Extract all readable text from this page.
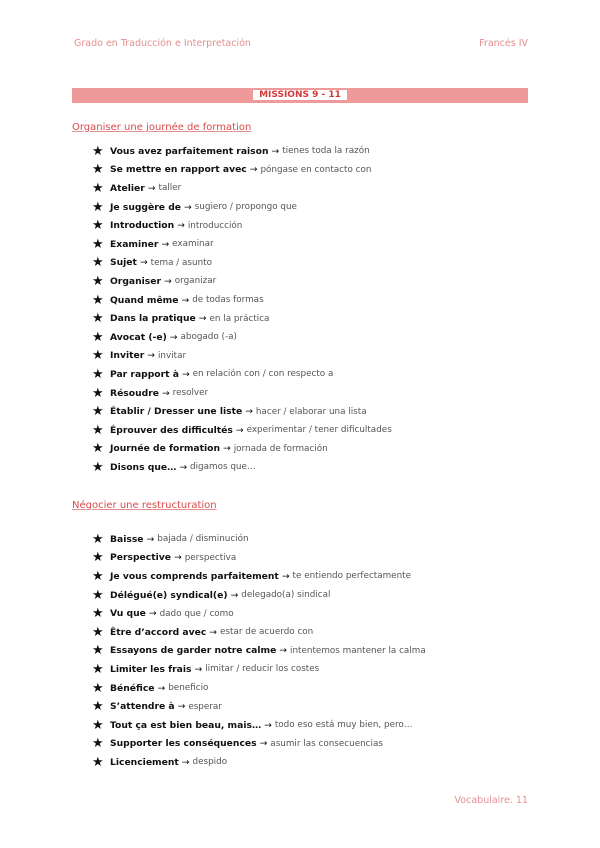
Grado en Traducción e Interpretación	Francés IV
MISSIONS 9 - 11
Organiser une journée de formation
★ Vous avez parfaitement raison → tienes toda la razón
★ Se mettre en rapport avec → póngase en contacto con
★ Atelier → taller
★ Je suggère de → sugiero / propongo que
★ Introduction → introducción
★ Examiner → examinar
★ Sujet → tema / asunto
★ Organiser → organizar
★ Quand même → de todas formas
★ Dans la pratique → en la práctica
★ Avocat (-e) → abogado (-a)
★ Inviter → invitar
★ Par rapport à → en relación con / con respecto a
★ Résoudre → resolver
★ Établir / Dresser une liste → hacer / elaborar una lista
★ Éprouver des difficultés → experimentar / tener dificultades
★ Journée de formation → jornada de formación
★ Disons que… → digamos que…
Négocier une restructuration
★ Baisse → bajada / disminución
★ Perspective → perspectiva
★ Je vous comprends parfaitement → te entiendo perfectamente
★ Délégué(e) syndical(e) → delegado(a) sindical
★ Vu que → dado que / como
★ Être d’accord avec → estar de acuerdo con
★ Essayons de garder notre calme → intentemos mantener la calma
★ Limiter les frais → limitar / reducir los costes
★ Bénéfice → beneficio
★ S’attendre à → esperar
★ Tout ça est bien beau, mais… → todo eso está muy bien, pero…
★ Supporter les conséquences → asumir las consecuencias
★ Licenciement → despido
Vocabulaire. 11
